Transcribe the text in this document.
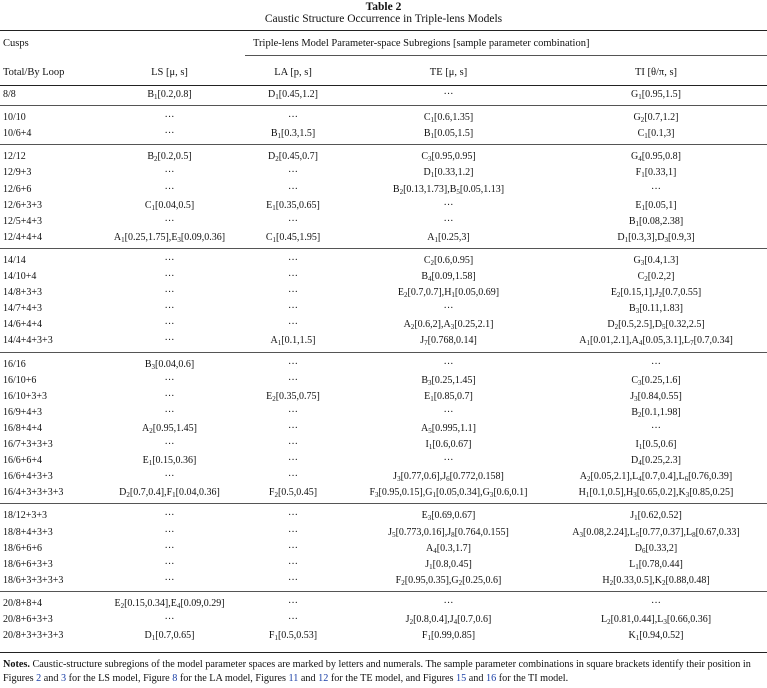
Table 2
Caustic Structure Occurrence in Triple-lens Models
Cusps	Triple-lens Model Parameter-space Subregions [sample parameter combination]
Total/By Loop	LS [μ, s]	LA [p, s]	TE [μ, s]	TI [θ/π, s]
8/8	$B_1[0.2,0.8]$	$D_1[0.45,1.2]$	···	$G_1[0.95,1.5]$
10/10	···	···	$C_1[0.6,1.35]$	$G_2[0.7,1.2]$
10/6+4	···	$B_1[0.3,1.5]$	$B_1[0.05,1.5]$	$C_1[0.1,3]$
12/12	$B_2[0.2,0.5]$	$D_2[0.45,0.7]$	$C_3[0.95,0.95]$	$G_4[0.95,0.8]$
12/9+3	···	···	$D_1[0.33,1.2]$	$F_1[0.33,1]$
12/6+6	···	···	$B_2[0.13,1.73],B_5[0.05,1.13]$	···
12/6+3+3	$C_1[0.04,0.5]$	$E_1[0.35,0.65]$	···	$E_1[0.05,1]$
12/5+4+3	···	···	···	$B_1[0.08,2.38]$
12/4+4+4	$A_1[0.25,1.75],E_3[0.09,0.36]$	$C_1[0.45,1.95]$	$A_1[0.25,3]$	$D_1[0.3,3],D_3[0.9,3]$
14/14	···	···	$C_2[0.6,0.95]$	$G_3[0.4,1.3]$
14/10+4	···	···	$B_4[0.09,1.58]$	$C_2[0.2,2]$
14/8+3+3	···	···	$E_2[0.7,0.7],H_1[0.05,0.69]$	$E_2[0.15,1],J_2[0.7,0.55]$
14/7+4+3	···	···	···	$B_3[0.11,1.83]$
14/6+4+4	···	···	$A_2[0.6,2],A_3[0.25,2.1]$	$D_2[0.5,2.5],D_5[0.32,2.5]$
14/4+4+3+3	···	$A_1[0.1,1.5]$	$J_7[0.768,0.14]$	$A_1[0.01,2.1],A_4[0.05,3.1],L_7[0.7,0.34]$
16/16	$B_3[0.04,0.6]$	···	···	···
16/10+6	···	···	$B_3[0.25,1.45]$	$C_3[0.25,1.6]$
16/10+3+3	···	$E_2[0.35,0.75]$	$E_1[0.85,0.7]$	$J_3[0.84,0.55]$
16/9+4+3	···	···	···	$B_2[0.1,1.98]$
16/8+4+4	$A_2[0.95,1.45]$	···	$A_5[0.995,1.1]$	···
16/7+3+3+3	···	···	$I_1[0.6,0.67]$	$I_1[0.5,0.6]$
16/6+6+4	$E_1[0.15,0.36]$	···	···	$D_4[0.25,2.3]$
16/6+4+3+3	···	···	$J_3[0.77,0.6],J_6[0.772,0.158]$	$A_2[0.05,2.1],L_4[0.7,0.4],L_6[0.76,0.39]$
16/4+3+3+3+3	$D_2[0.7,0.4],F_1[0.04,0.36]$	$F_2[0.5,0.45]$	$F_3[0.95,0.15],G_1[0.05,0.34],G_3[0.6,0.1]$	$H_1[0.1,0.5],H_3[0.65,0.2],K_3[0.85,0.25]$
18/12+3+3	···	···	$E_3[0.69,0.67]$	$J_1[0.62,0.52]$
18/8+4+3+3	···	···	$J_5[0.773,0.16],J_8[0.764,0.155]$	$A_3[0.08,2.24],L_5[0.77,0.37],L_8[0.67,0.33]$
18/6+6+6	···	···	$A_4[0.3,1.7]$	$D_6[0.33,2]$
18/6+6+3+3	···	···	$J_1[0.8,0.45]$	$L_1[0.78,0.44]$
18/6+3+3+3+3	···	···	$F_2[0.95,0.35],G_2[0.25,0.6]$	$H_2[0.33,0.5],K_2[0.88,0.48]$
20/8+8+4	$E_2[0.15,0.34],E_4[0.09,0.29]$	···	···	···
20/8+6+3+3	···	···	$J_2[0.8,0.4],J_4[0.7,0.6]$	$L_2[0.81,0.44],L_3[0.66,0.36]$
20/8+3+3+3+3	$D_1[0.7,0.65]$	$F_1[0.5,0.53]$	$F_1[0.99,0.85]$	$K_1[0.94,0.52]$
Notes. Caustic-structure subregions of the model parameter spaces are marked by letters and numerals. The sample parameter combinations in square brackets identify their position in Figures 2 and 3 for the LS model, Figure 8 for the LA model, Figures 11 and 12 for the TE model, and Figures 15 and 16 for the TI model.
